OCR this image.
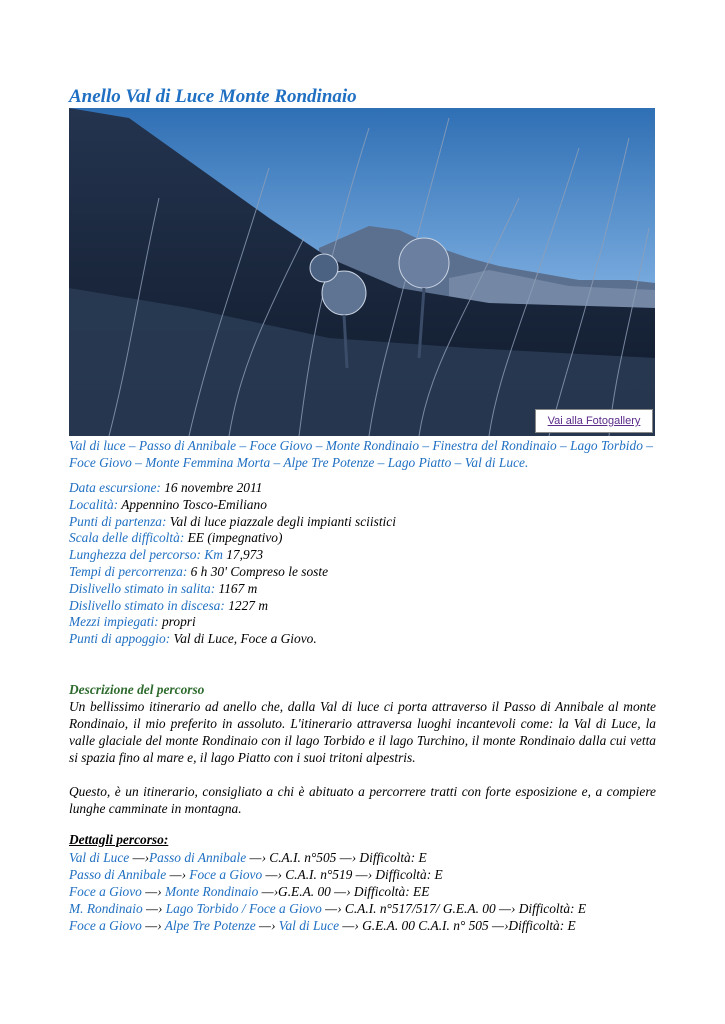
Anello Val di Luce Monte Rondinaio
Vai alla Fotogallery

Val di luce – Passo di Annibale – Foce Giovo – Monte Rondinaio – Finestra del Rondinaio – Lago Torbido – Foce Giovo – Monte Femmina Morta – Alpe Tre Potenze – Lago Piatto – Val di Luce.

Data escursione: 16 novembre 2011
Località: Appennino Tosco-Emiliano
Punti di partenza: Val di luce piazzale degli impianti sciistici
Scala delle difficoltà: EE (impegnativo)
Lunghezza del percorso: Km 17,973
Tempi di percorrenza: 6 h 30' Compreso le soste
Dislivello stimato in salita: 1167 m
Dislivello stimato in discesa: 1227 m
Mezzi impiegati: propri
Punti di appoggio: Val di Luce, Foce a Giovo.
Descrizione del percorso

Un bellissimo itinerario ad anello che, dalla Val di luce ci porta attraverso il Passo di Annibale al monte Rondinaio, il mio preferito in assoluto. L'itinerario attraversa luoghi incantevoli come: la Val di Luce, la valle glaciale del monte Rondinaio con il lago Torbido e il lago Turchino, il monte Rondinaio dalla cui vetta si spazia fino al mare e, il lago Piatto con i suoi tritoni alpestris.

Questo, è un itinerario, consigliato a chi è abituato a percorrere tratti con forte esposizione e, a compiere lunghe camminate in montagna.

Dettagli percorso:
Val di Luce —›Passo di Annibale —› C.A.I. n°505 —› Difficoltà: E
Passo di Annibale —› Foce a Giovo —› C.A.I. n°519 —› Difficoltà: E
Foce a Giovo —› Monte Rondinaio —›G.E.A. 00 —› Difficoltà: EE
M. Rondinaio —› Lago Torbido / Foce a Giovo —› C.A.I. n°517/517/ G.E.A. 00 —› Difficoltà: E
Foce a Giovo —› Alpe Tre Potenze —› Val di Luce —› G.E.A. 00 C.A.I. n° 505 —›Difficoltà: E
